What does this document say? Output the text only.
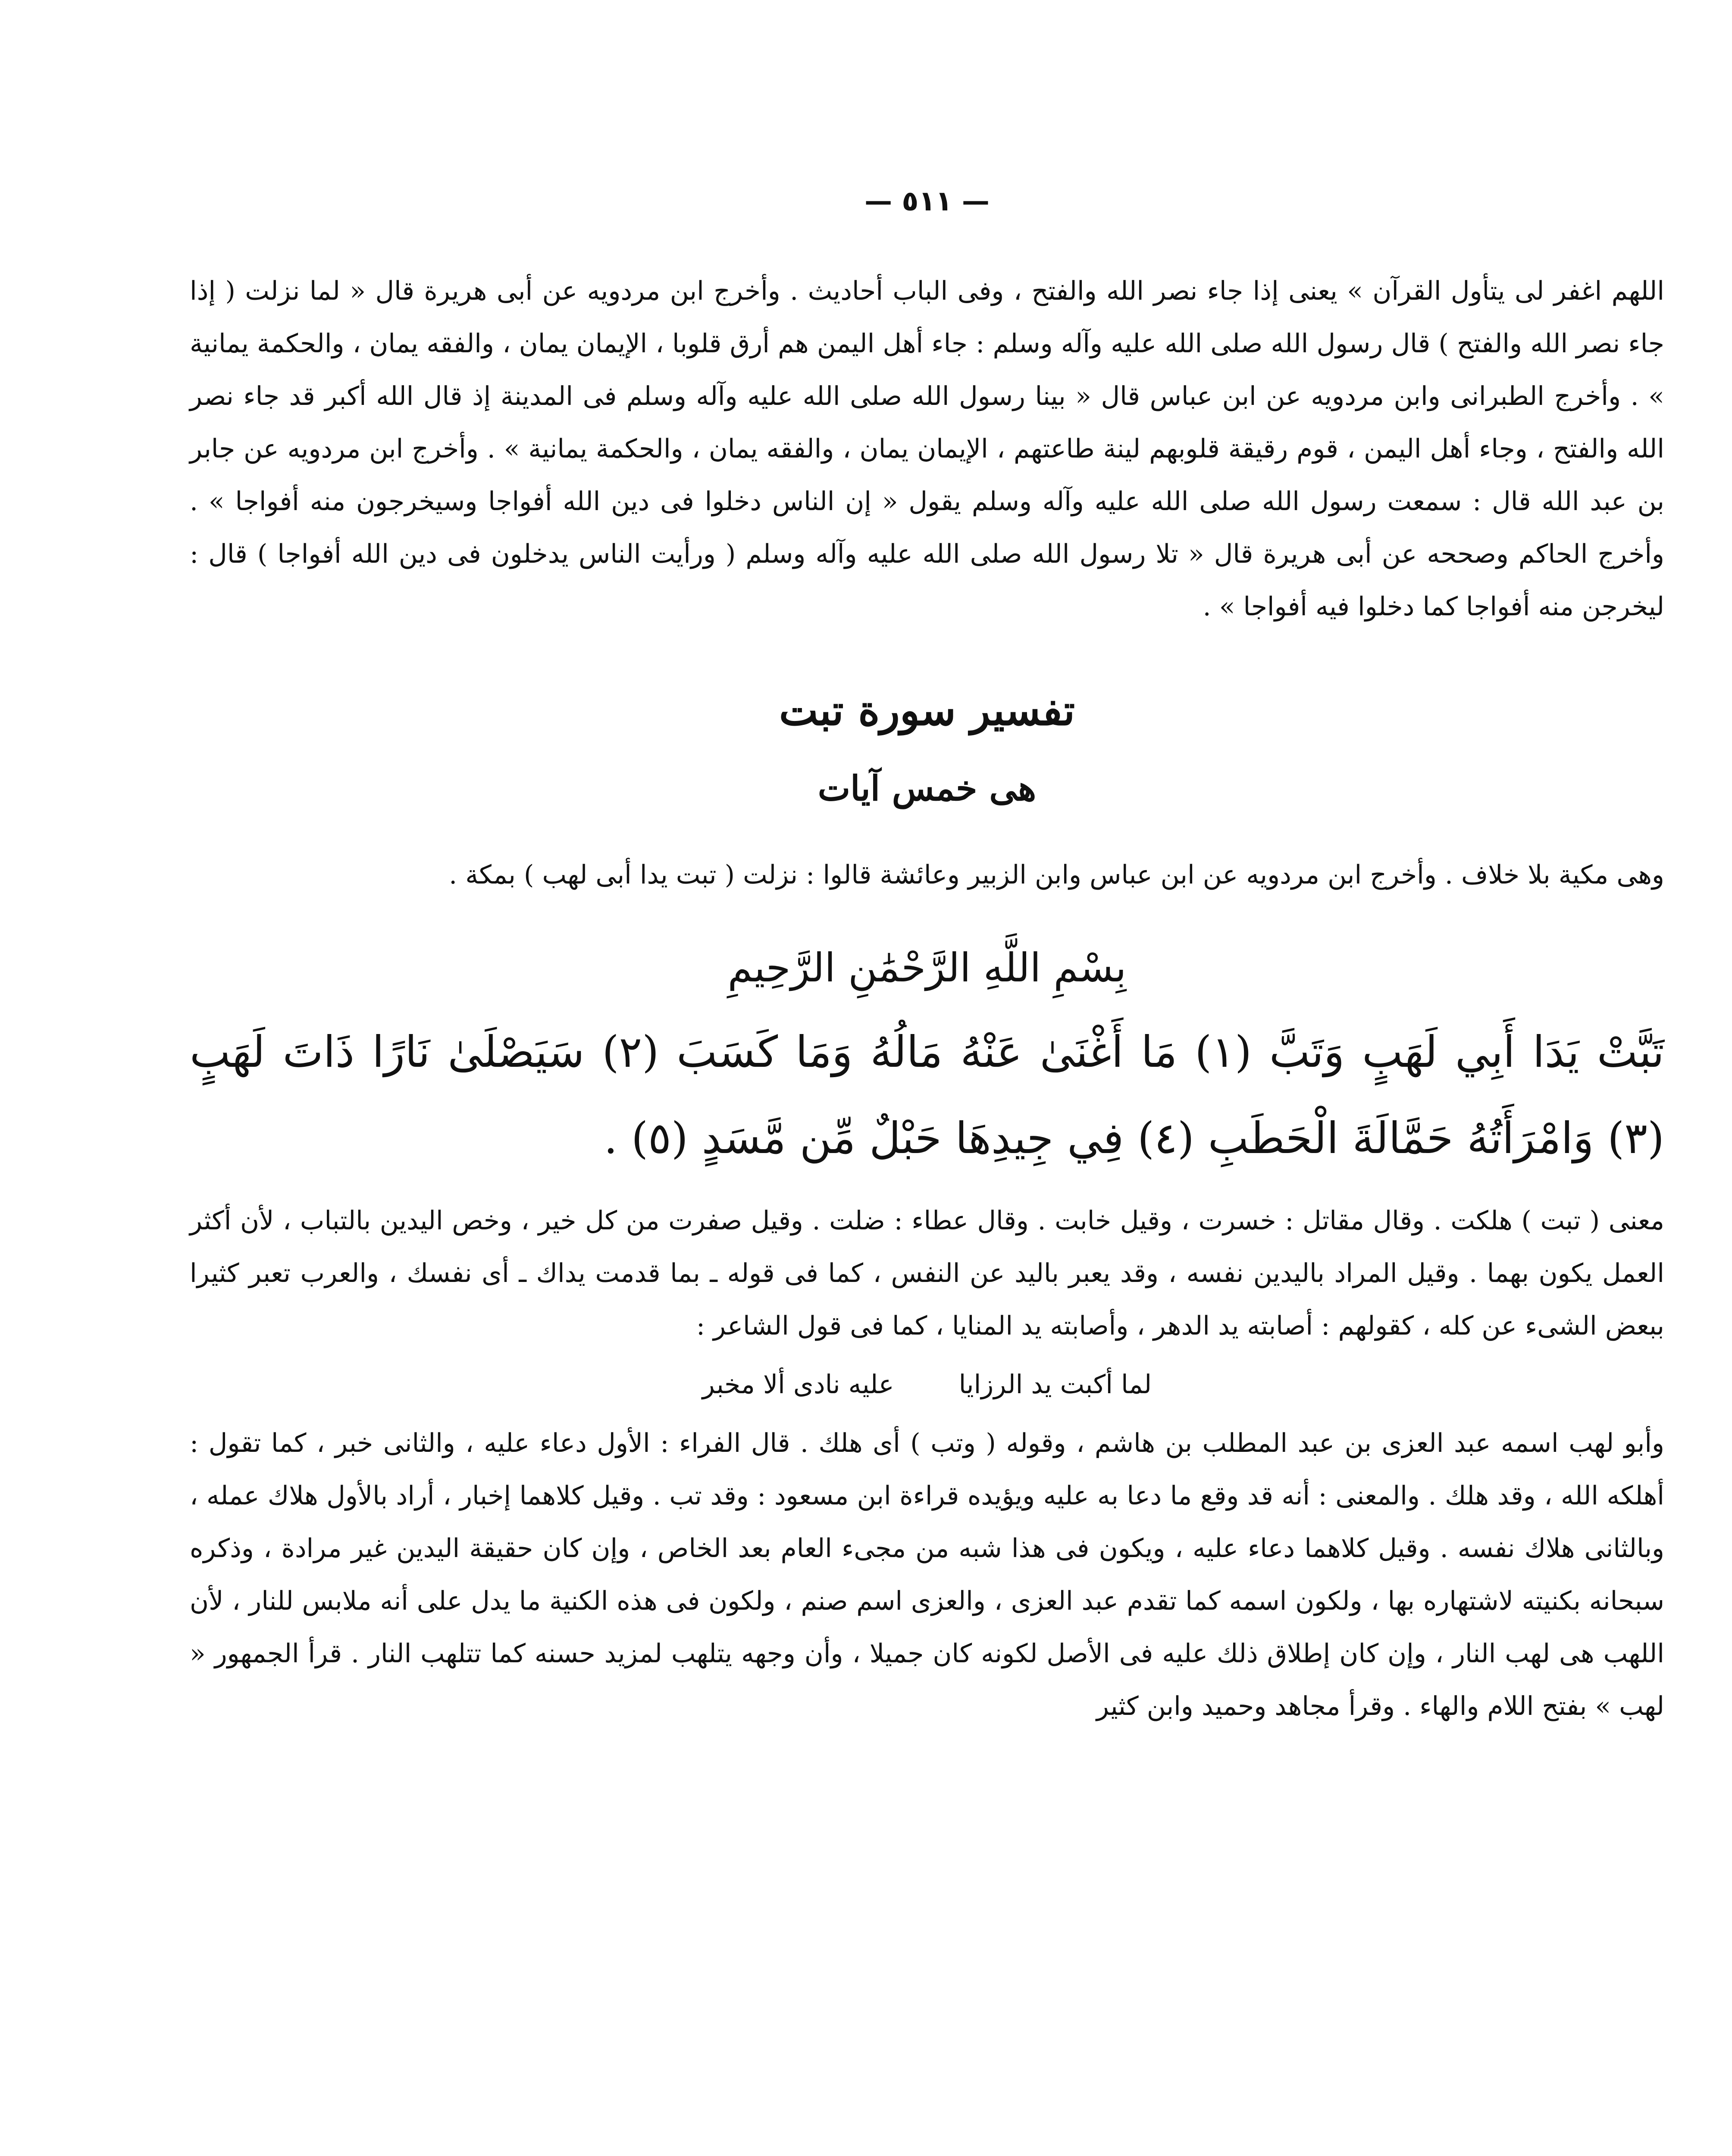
— ٥١١ —

اللهم اغفر لى يتأول القرآن » يعنى إذا جاء نصر الله والفتح ، وفى الباب أحاديث . وأخرج ابن مردويه عن أبى هريرة قال « لما نزلت ( إذا جاء نصر الله والفتح ) قال رسول الله صلى الله عليه وآله وسلم : جاء أهل اليمن هم أرق قلوبا ، الإيمان يمان ، والفقه يمان ، والحكمة يمانية » . وأخرج الطبرانى وابن مردويه عن ابن عباس قال « بينا رسول الله صلى الله عليه وآله وسلم فى المدينة إذ قال الله أكبر قد جاء نصر الله والفتح ، وجاء أهل اليمن ، قوم رقيقة قلوبهم لينة طاعتهم ، الإيمان يمان ، والفقه يمان ، والحكمة يمانية » . وأخرج ابن مردويه عن جابر بن عبد الله قال : سمعت رسول الله صلى الله عليه وآله وسلم يقول « إن الناس دخلوا فى دين الله أفواجا وسيخرجون منه أفواجا » . وأخرج الحاكم وصححه عن أبى هريرة قال « تلا رسول الله صلى الله عليه وآله وسلم ( ورأيت الناس يدخلون فى دين الله أفواجا ) قال : ليخرجن منه أفواجا كما دخلوا فيه أفواجا » .

تفسير سورة تبت
هى خمس آيات

وهى مكية بلا خلاف . وأخرج ابن مردويه عن ابن عباس وابن الزبير وعائشة قالوا : نزلت ( تبت يدا أبى لهب ) بمكة .

بِسْمِ اللَّهِ الرَّحْمَٰنِ الرَّحِيمِ

تَبَّتْ يَدَا أَبِي لَهَبٍ وَتَبَّ (١) مَا أَغْنَىٰ عَنْهُ مَالُهُ وَمَا كَسَبَ (٢) سَيَصْلَىٰ نَارًا ذَاتَ لَهَبٍ (٣) وَامْرَأَتُهُ حَمَّالَةَ الْحَطَبِ (٤) فِي جِيدِهَا حَبْلٌ مِّن مَّسَدٍ (٥) .

معنى ( تبت ) هلكت . وقال مقاتل : خسرت ، وقيل خابت . وقال عطاء : ضلت . وقيل صفرت من كل خير ، وخص اليدين بالتباب ، لأن أكثر العمل يكون بهما . وقيل المراد باليدين نفسه ، وقد يعبر باليد عن النفس ، كما فى قوله ـ بما قدمت يداك ـ أى نفسك ، والعرب تعبر كثيرا ببعض الشىء عن كله ، كقولهم : أصابته يد الدهر ، وأصابته يد المنايا ، كما فى قول الشاعر :

لما أكبت يد الرزايا
عليه نادى ألا مخبر

وأبو لهب اسمه عبد العزى بن عبد المطلب بن هاشم ، وقوله ( وتب ) أى هلك . قال الفراء : الأول دعاء عليه ، والثانى خبر ، كما تقول : أهلكه الله ، وقد هلك . والمعنى : أنه قد وقع ما دعا به عليه ويؤيده قراءة ابن مسعود : وقد تب . وقيل كلاهما إخبار ، أراد بالأول هلاك عمله ، وبالثانى هلاك نفسه . وقيل كلاهما دعاء عليه ، ويكون فى هذا شبه من مجىء العام بعد الخاص ، وإن كان حقيقة اليدين غير مرادة ، وذكره سبحانه بكنيته لاشتهاره بها ، ولكون اسمه كما تقدم عبد العزى ، والعزى اسم صنم ، ولكون فى هذه الكنية ما يدل على أنه ملابس للنار ، لأن اللهب هى لهب النار ، وإن كان إطلاق ذلك عليه فى الأصل لكونه كان جميلا ، وأن وجهه يتلهب لمزيد حسنه كما تتلهب النار . قرأ الجمهور « لهب » بفتح اللام والهاء . وقرأ مجاهد وحميد وابن كثير
